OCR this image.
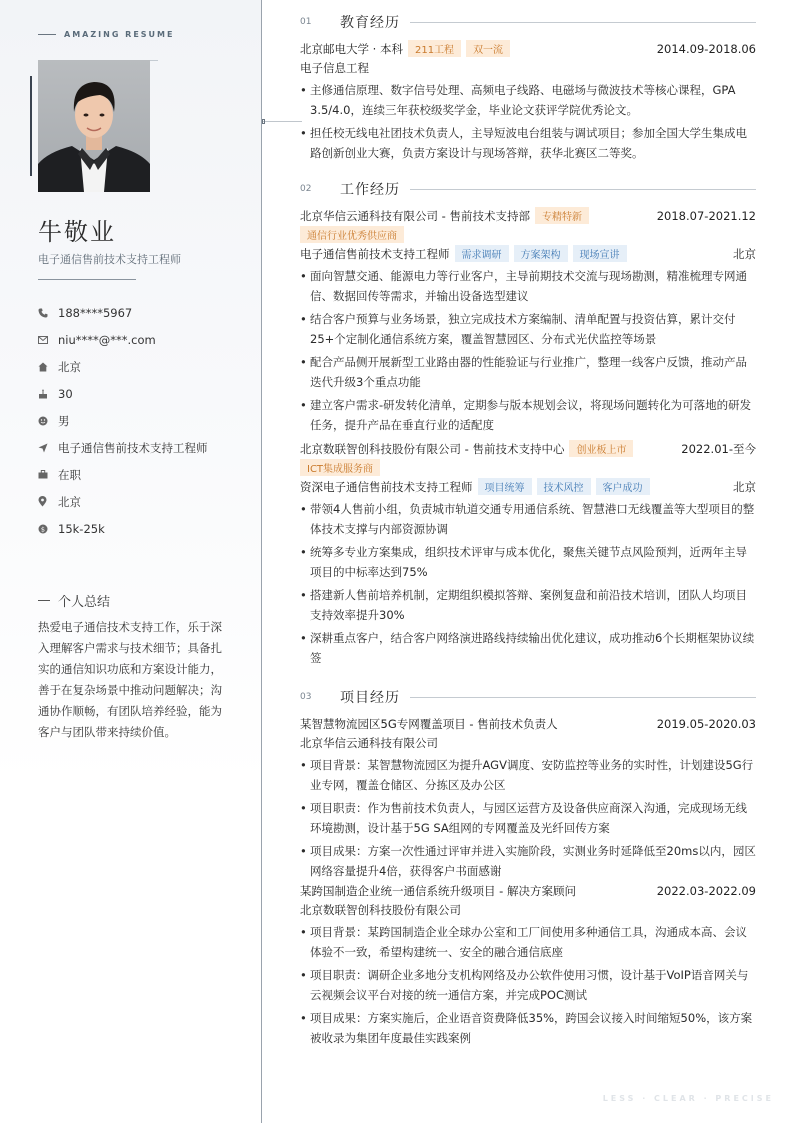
AMAZING RESUME
牛敬业
电子通信售前技术支持工程师
188****5967
niu****@***.com
北京
30
男
电子通信售前技术支持工程师
在职
北京
$ 15k-25k
个人总结
热爱电子通信技术支持工作，乐于深入理解客户需求与技术细节；具备扎实的通信知识功底和方案设计能力，善于在复杂场景中推动问题解决；沟通协作顺畅，有团队培养经验，能为客户与团队带来持续价值。
01	教育经历
北京邮电大学 · 本科	211工程	双一流	2014.09-2018.06
电子信息工程
• 主修通信原理、数字信号处理、高频电子线路、电磁场与微波技术等核心课程，GPA 3.5/4.0，连续三年获校级奖学金，毕业论文获评学院优秀论文。
• 担任校无线电社团技术负责人，主导短波电台组装与调试项目；参加全国大学生集成电路创新创业大赛，负责方案设计与现场答辩，获华北赛区二等奖。
02	工作经历
北京华信云通科技有限公司 - 售前技术支持部	专精特新	2018.07-2021.12
通信行业优秀供应商
电子通信售前技术支持工程师	需求调研	方案架构	现场宣讲	北京
• 面向智慧交通、能源电力等行业客户，主导前期技术交流与现场勘测，精准梳理专网通信、数据回传等需求，并输出设备选型建议
• 结合客户预算与业务场景，独立完成技术方案编制、清单配置与投资估算，累计交付25+个定制化通信系统方案，覆盖智慧园区、分布式光伏监控等场景
• 配合产品侧开展新型工业路由器的性能验证与行业推广，整理一线客户反馈，推动产品迭代升级3个重点功能
• 建立客户需求-研发转化清单，定期参与版本规划会议，将现场问题转化为可落地的研发任务，提升产品在垂直行业的适配度
北京数联智创科技股份有限公司 - 售前技术支持中心	创业板上市	2022.01-至今
ICT集成服务商
资深电子通信售前技术支持工程师	项目统筹	技术风控	客户成功	北京
• 带领4人售前小组，负责城市轨道交通专用通信系统、智慧港口无线覆盖等大型项目的整体技术支撑与内部资源协调
• 统筹多专业方案集成，组织技术评审与成本优化，聚焦关键节点风险预判，近两年主导项目的中标率达到75%
• 搭建新人售前培养机制，定期组织模拟答辩、案例复盘和前沿技术培训，团队人均项目支持效率提升30%
• 深耕重点客户，结合客户网络演进路线持续输出优化建议，成功推动6个长期框架协议续签
03	项目经历
某智慧物流园区5G专网覆盖项目 - 售前技术负责人	2019.05-2020.03
北京华信云通科技有限公司
• 项目背景：某智慧物流园区为提升AGV调度、安防监控等业务的实时性，计划建设5G行业专网，覆盖仓储区、分拣区及办公区
• 项目职责：作为售前技术负责人，与园区运营方及设备供应商深入沟通，完成现场无线环境勘测，设计基于5G SA组网的专网覆盖及光纤回传方案
• 项目成果：方案一次性通过评审并进入实施阶段，实测业务时延降低至20ms以内，园区网络容量提升4倍，获得客户书面感谢
某跨国制造企业统一通信系统升级项目 - 解决方案顾问	2022.03-2022.09
北京数联智创科技股份有限公司
• 项目背景：某跨国制造企业全球办公室和工厂间使用多种通信工具，沟通成本高、会议体验不一致，希望构建统一、安全的融合通信底座
• 项目职责：调研企业多地分支机构网络及办公软件使用习惯，设计基于VoIP语音网关与云视频会议平台对接的统一通信方案，并完成POC测试
• 项目成果：方案实施后，企业语音资费降低35%，跨国会议接入时间缩短50%，该方案被收录为集团年度最佳实践案例
LESS · CLEAR · PRECISE
